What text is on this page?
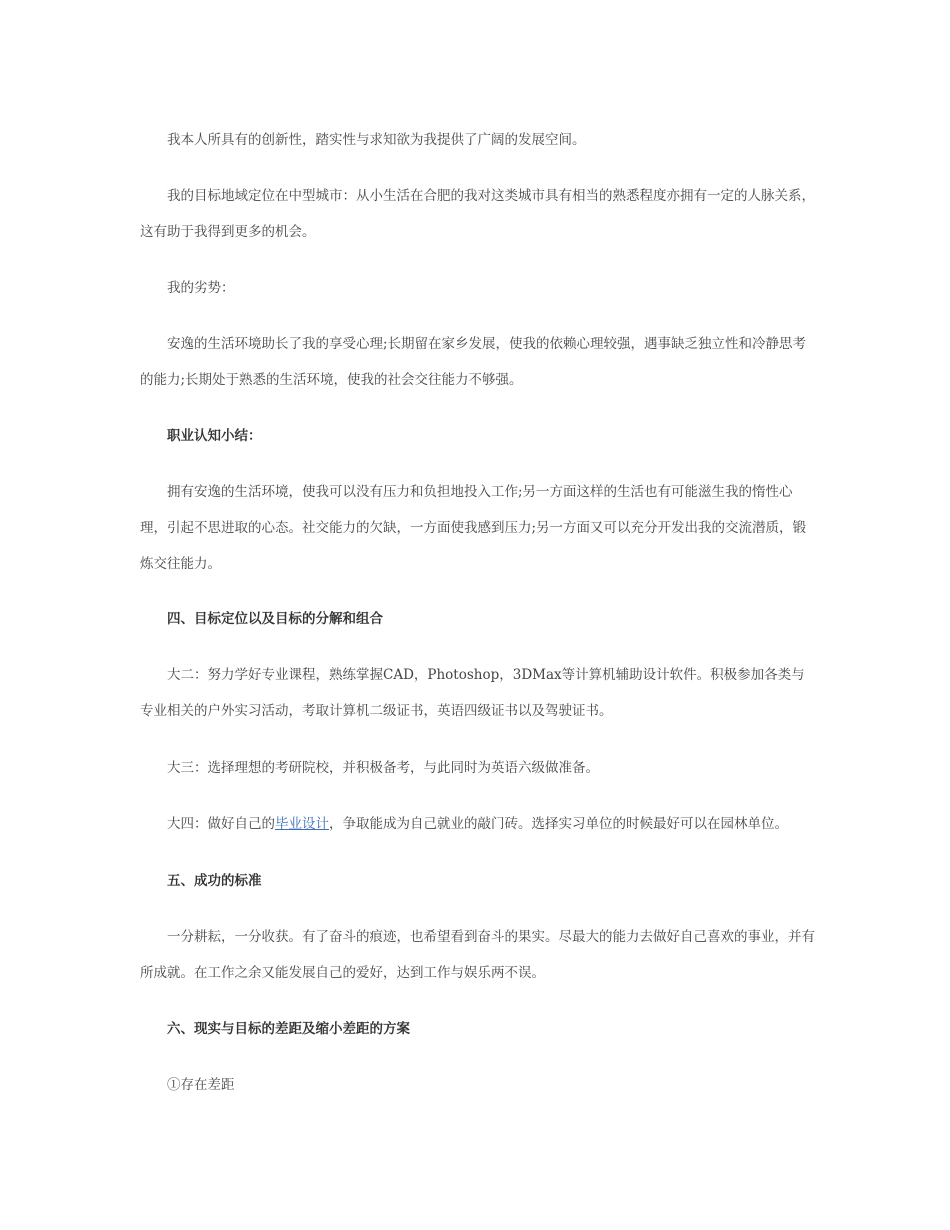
我本人所具有的创新性，踏实性与求知欲为我提供了广阔的发展空间。

我的目标地域定位在中型城市：从小生活在合肥的我对这类城市具有相当的熟悉程度亦拥有一定的人脉关系，这有助于我得到更多的机会。

我的劣势：

安逸的生活环境助长了我的享受心理;长期留在家乡发展，使我的依赖心理较强，遇事缺乏独立性和冷静思考的能力;长期处于熟悉的生活环境，使我的社会交往能力不够强。

职业认知小结：

拥有安逸的生活环境，使我可以没有压力和负担地投入工作;另一方面这样的生活也有可能滋生我的惰性心理，引起不思进取的心态。社交能力的欠缺，一方面使我感到压力;另一方面又可以充分开发出我的交流潜质，锻炼交往能力。

四、目标定位以及目标的分解和组合

大二：努力学好专业课程，熟练掌握CAD，Photoshop，3DMax等计算机辅助设计软件。积极参加各类与专业相关的户外实习活动，考取计算机二级证书，英语四级证书以及驾驶证书。

大三：选择理想的考研院校，并积极备考，与此同时为英语六级做准备。

大四：做好自己的毕业设计，争取能成为自己就业的敲门砖。选择实习单位的时候最好可以在园林单位。

五、成功的标准

一分耕耘，一分收获。有了奋斗的痕迹，也希望看到奋斗的果实。尽最大的能力去做好自己喜欢的事业，并有所成就。在工作之余又能发展自己的爱好，达到工作与娱乐两不误。

六、现实与目标的差距及缩小差距的方案

①存在差距
